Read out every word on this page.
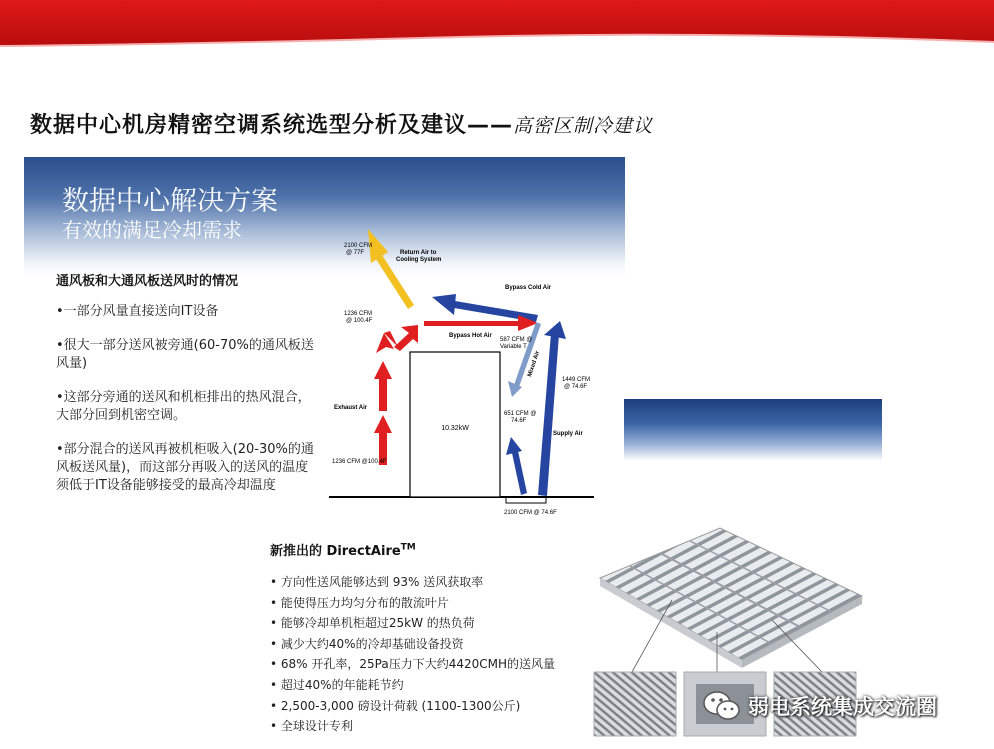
数据中心机房精密空调系统选型分析及建议——高密区制冷建议
数据中心解决方案
有效的满足冷却需求
通风板和大通风板送风时的情况
•一部分风量直接送向IT设备
•很大一部分送风被旁通(60-70%的通风板送风量)
•这部分旁通的送风和机柜排出的热风混合，大部分回到机密空调。
•部分混合的送风再被机柜吸入(20-30%的通风板送风量)，而这部分再吸入的送风的温度须低于IT设备能够接受的最高冷却温度
10.32kW
2100 CFM
@ 77F	Return Air to
Cooling System
Bypass Cold Air
Bypass Hot Air
1236 CFM
@ 100.4F
Exhaust Air
1236 CFM @100.4F
587 CFM @
Variable T
Mixed Air
1449 CFM
@ 74.6F
Supply Air
651 CFM @
74.6F
2100 CFM @ 74.6F
新推出的 DirectAire™
• 方向性送风能够达到 93% 送风获取率
• 能使得压力均匀分布的散流叶片
• 能够冷却单机柜超过25kW 的热负荷
• 减少大约40%的冷却基础设备投资
• 68% 开孔率，25Pa压力下大约4420CMH的送风量
• 超过40%的年能耗节约
• 2,500-3,000 磅设计荷载 (1100-1300公斤)
• 全球设计专利
弱电系统集成交流圈
